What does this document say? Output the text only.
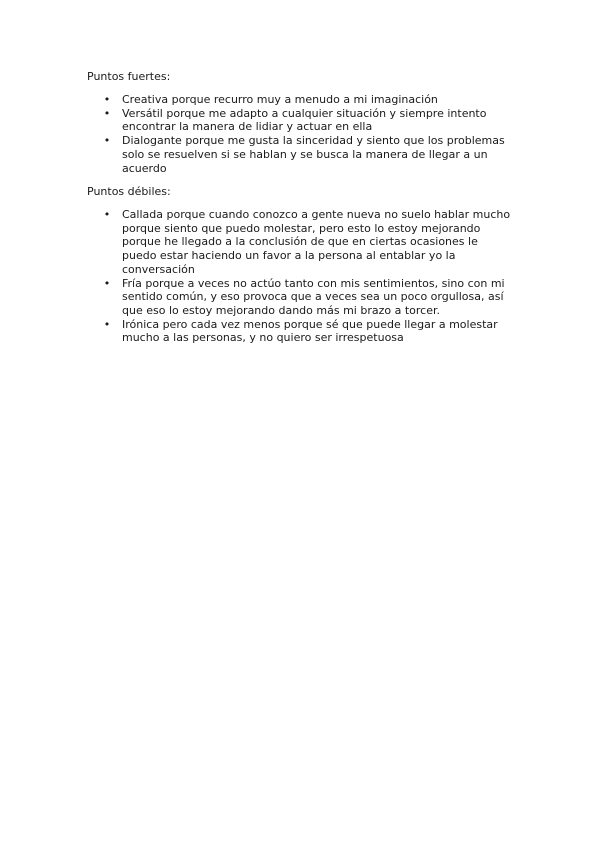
Puntos fuertes:

• Creativa porque recurro muy a menudo a mi imaginación
• Versátil porque me adapto a cualquier situación y siempre intento
encontrar la manera de lidiar y actuar en ella
• Dialogante porque me gusta la sinceridad y siento que los problemas
solo se resuelven si se hablan y se busca la manera de llegar a un
acuerdo

Puntos débiles:

• Callada porque cuando conozco a gente nueva no suelo hablar mucho
porque siento que puedo molestar, pero esto lo estoy mejorando
porque he llegado a la conclusión de que en ciertas ocasiones le
puedo estar haciendo un favor a la persona al entablar yo la
conversación
• Fría porque a veces no actúo tanto con mis sentimientos, sino con mi
sentido común, y eso provoca que a veces sea un poco orgullosa, así
que eso lo estoy mejorando dando más mi brazo a torcer.
• Irónica pero cada vez menos porque sé que puede llegar a molestar
mucho a las personas, y no quiero ser irrespetuosa
